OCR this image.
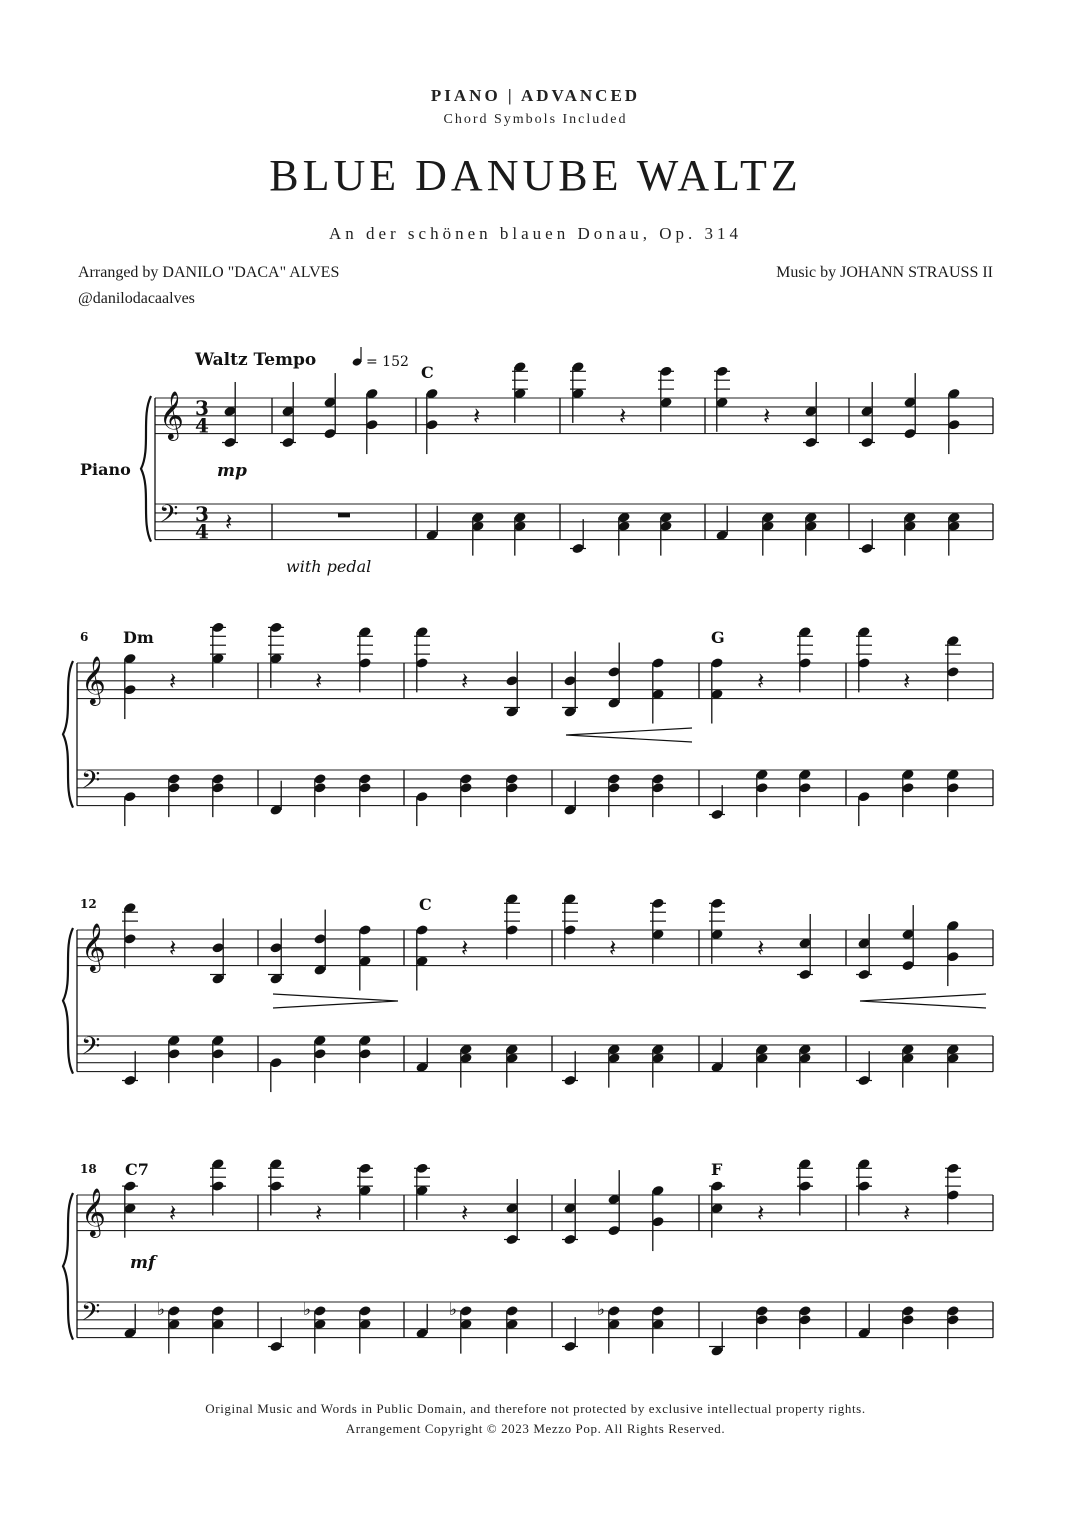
PIANO | ADVANCED
Chord Symbols Included
BLUE DANUBE WALTZ
An der schönen blauen Donau, Op. 314
Arranged by DANILO "DACA" ALVES
@danilodacaalves
Music by JOHANN STRAUSS II
Waltz Tempo	= 152
𝄞
𝄢
3
4
3
4
Piano
C
mp
𝄽
𝄽	𝄽	𝄽
with pedal
𝄞
𝄢
6 Dm	G
𝄽	𝄽	𝄽	𝄽	𝄽
𝄞
𝄢
12	C
𝄽	𝄽	𝄽	𝄽
𝄞
𝄢
18 C7	F
mf
𝄽
♭
𝄽
♭
𝄽
♭	♭
𝄽	𝄽
Original Music and Words in Public Domain, and therefore not protected by exclusive intellectual property rights.
Arrangement Copyright © 2023 Mezzo Pop. All Rights Reserved.
